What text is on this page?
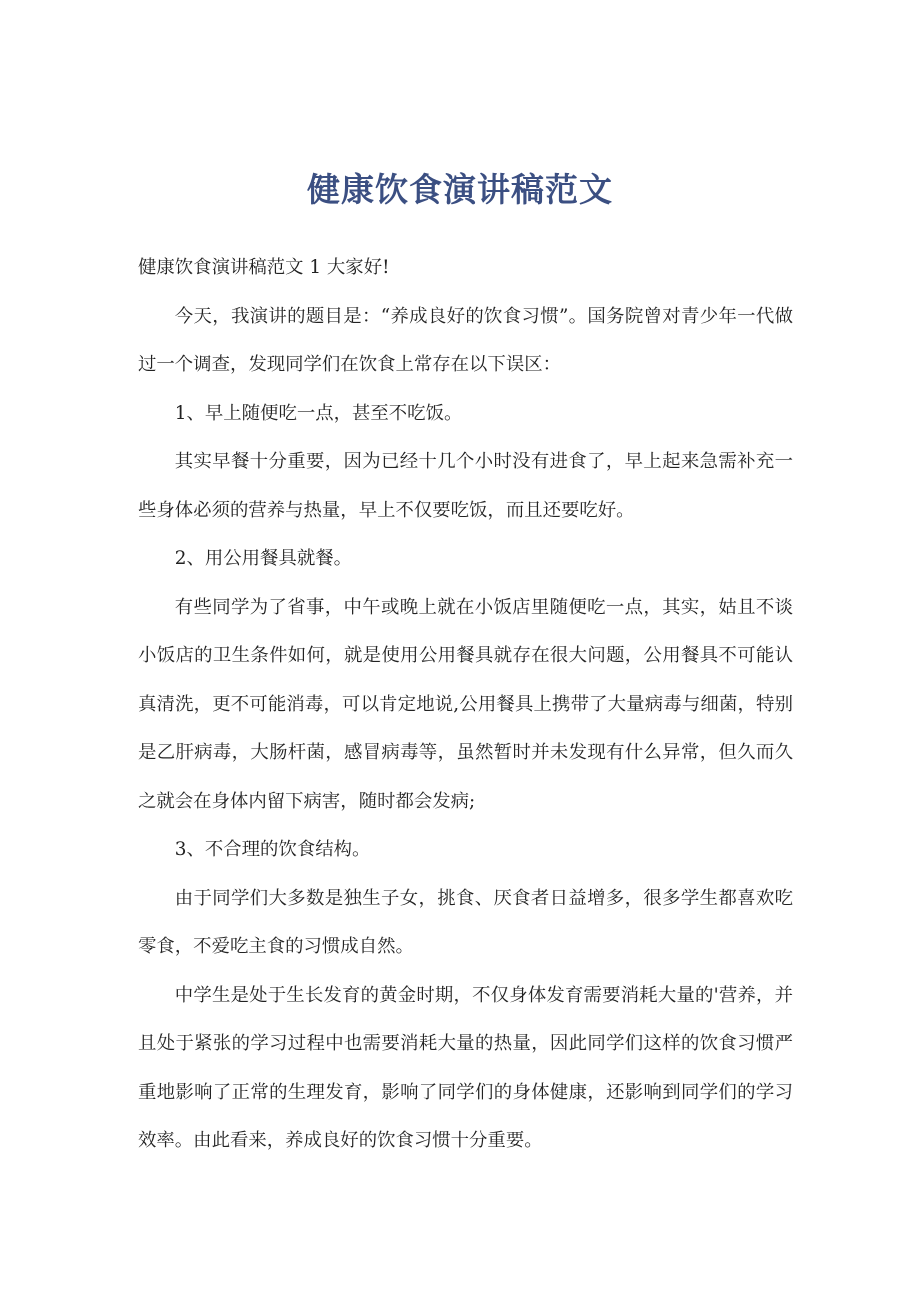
健康饮食演讲稿范文

健康饮食演讲稿范文 1 大家好!

今天，我演讲的题目是：“养成良好的饮食习惯”。国务院曾对青少年一代做过一个调查，发现同学们在饮食上常存在以下误区：

1、早上随便吃一点，甚至不吃饭。

其实早餐十分重要，因为已经十几个小时没有进食了，早上起来急需补充一些身体必须的营养与热量，早上不仅要吃饭，而且还要吃好。

2、用公用餐具就餐。

有些同学为了省事，中午或晚上就在小饭店里随便吃一点，其实，姑且不谈小饭店的卫生条件如何，就是使用公用餐具就存在很大问题，公用餐具不可能认真清洗，更不可能消毒，可以肯定地说,公用餐具上携带了大量病毒与细菌，特别是乙肝病毒，大肠杆菌，感冒病毒等，虽然暂时并未发现有什么异常，但久而久之就会在身体内留下病害，随时都会发病;

3、不合理的饮食结构。

由于同学们大多数是独生子女，挑食、厌食者日益增多，很多学生都喜欢吃零食，不爱吃主食的习惯成自然。

中学生是处于生长发育的黄金时期，不仅身体发育需要消耗大量的'营养，并且处于紧张的学习过程中也需要消耗大量的热量，因此同学们这样的饮食习惯严重地影响了正常的生理发育，影响了同学们的身体健康，还影响到同学们的学习效率。由此看来，养成良好的饮食习惯十分重要。
